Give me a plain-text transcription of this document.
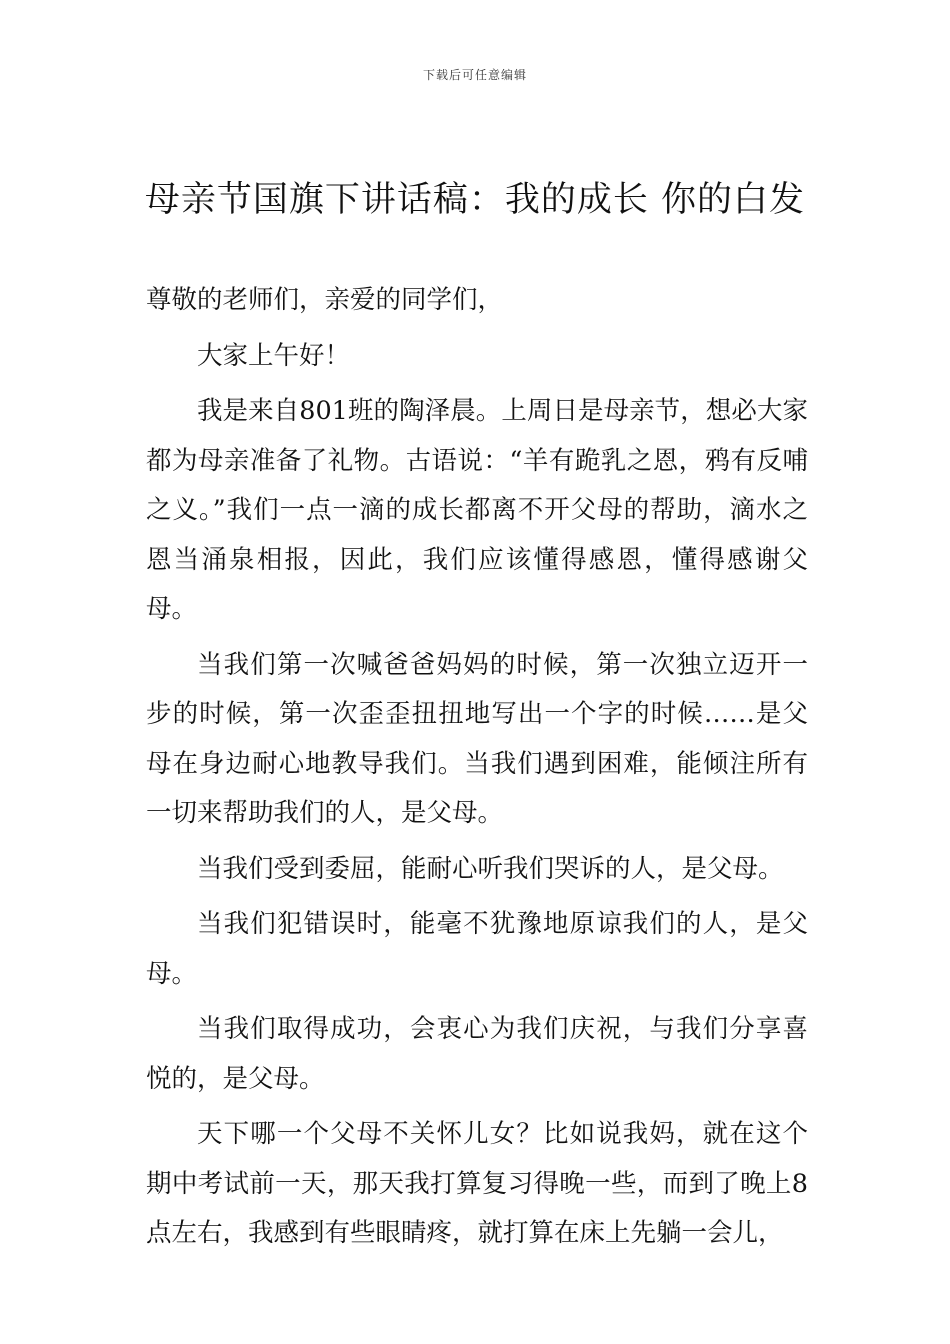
下载后可任意编辑
母亲节国旗下讲话稿：我的成长 你的白发

尊敬的老师们，亲爱的同学们，

大家上午好！

我是来自801班的陶泽晨。上周日是母亲节，想必大家都为母亲准备了礼物。古语说：“羊有跪乳之恩，鸦有反哺之义。”我们一点一滴的成长都离不开父母的帮助，滴水之恩当涌泉相报，因此，我们应该懂得感恩，懂得感谢父母。

当我们第一次喊爸爸妈妈的时候，第一次独立迈开一步的时候，第一次歪歪扭扭地写出一个字的时候……是父母在身边耐心地教导我们。当我们遇到困难，能倾注所有一切来帮助我们的人，是父母。

当我们受到委屈，能耐心听我们哭诉的人，是父母。

当我们犯错误时，能毫不犹豫地原谅我们的人，是父母。

当我们取得成功，会衷心为我们庆祝，与我们分享喜悦的，是父母。

天下哪一个父母不关怀儿女？比如说我妈，就在这个期中考试前一天，那天我打算复习得晚一些，而到了晚上8点左右，我感到有些眼睛疼，就打算在床上先躺一会儿，
